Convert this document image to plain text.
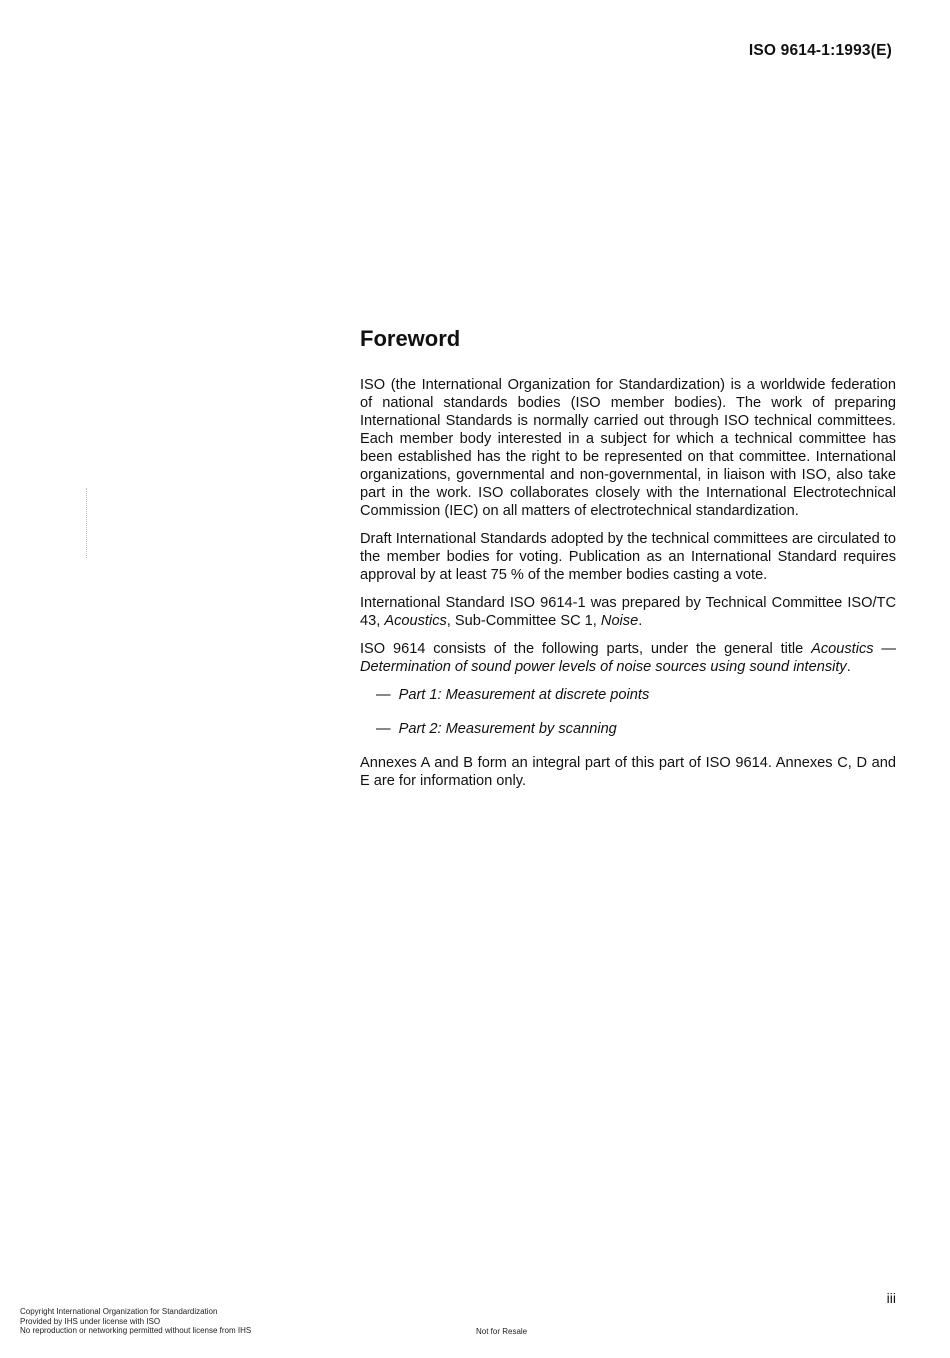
ISO 9614-1:1993(E)
Foreword

ISO (the International Organization for Standardization) is a worldwide federation of national standards bodies (ISO member bodies). The work of preparing International Standards is normally carried out through ISO technical committees. Each member body interested in a subject for which a technical committee has been established has the right to be represented on that committee. International organizations, governmental and non-governmental, in liaison with ISO, also take part in the work. ISO collaborates closely with the International Electrotechnical Commission (IEC) on all matters of electrotechnical standardization.

Draft International Standards adopted by the technical committees are circulated to the member bodies for voting. Publication as an International Standard requires approval by at least 75 % of the member bodies casting a vote.

International Standard ISO 9614-1 was prepared by Technical Committee ISO/TC 43, Acoustics, Sub-Committee SC 1, Noise.

ISO 9614 consists of the following parts, under the general title Acoustics — Determination of sound power levels of noise sources using sound intensity.

— Part 1: Measurement at discrete points
— Part 2: Measurement by scanning

Annexes A and B form an integral part of this part of ISO 9614. Annexes C, D and E are for information only.

iii
Copyright International Organization for Standardization
Provided by IHS under license with ISO
No reproduction or networking permitted without license from IHS	Not for Resale
